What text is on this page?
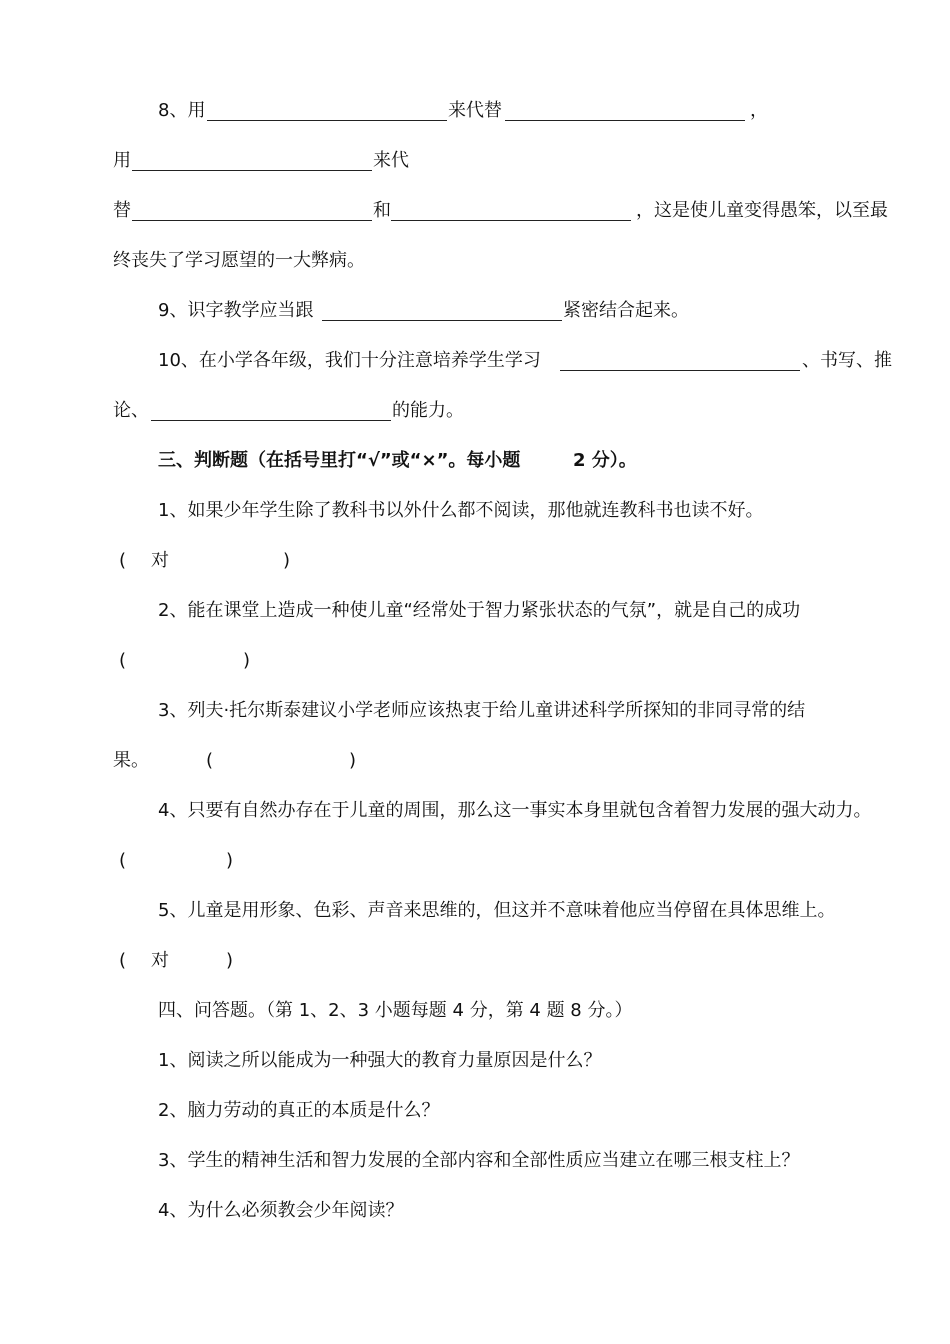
8、用	来代替	，
用	来代
替	和	，这是使儿童变得愚笨，以至最
终丧失了学习愿望的一大弊病。
9、识字教学应当跟	紧密结合起来。
10、在小学各年级，我们十分注意培养学生学习	、书写、推
论、	的能力。
三、判断题（在括号里打“√”或“×”。每小题	2 分）。
1、如果少年学生除了教科书以外什么都不阅读，那他就连教科书也读不好。
( 对	)
2、能在课堂上造成一种使儿童“经常处于智力紧张状态的气氛”，就是自己的成功
(	)
3、列夫·托尔斯泰建议小学老师应该热衷于给儿童讲述科学所探知的非同寻常的结
果。	(	)
4、只要有自然办存在于儿童的周围，那么这一事实本身里就包含着智力发展的强大动力。
(	)
5、儿童是用形象、色彩、声音来思维的，但这并不意味着他应当停留在具体思维上。
( 对	)
四、问答题。（第 1、2、3 小题每题 4 分，第 4 题 8 分。）
1、阅读之所以能成为一种强大的教育力量原因是什么？
2、脑力劳动的真正的本质是什么？
3、学生的精神生活和智力发展的全部内容和全部性质应当建立在哪三根支柱上？
4、为什么必须教会少年阅读？
